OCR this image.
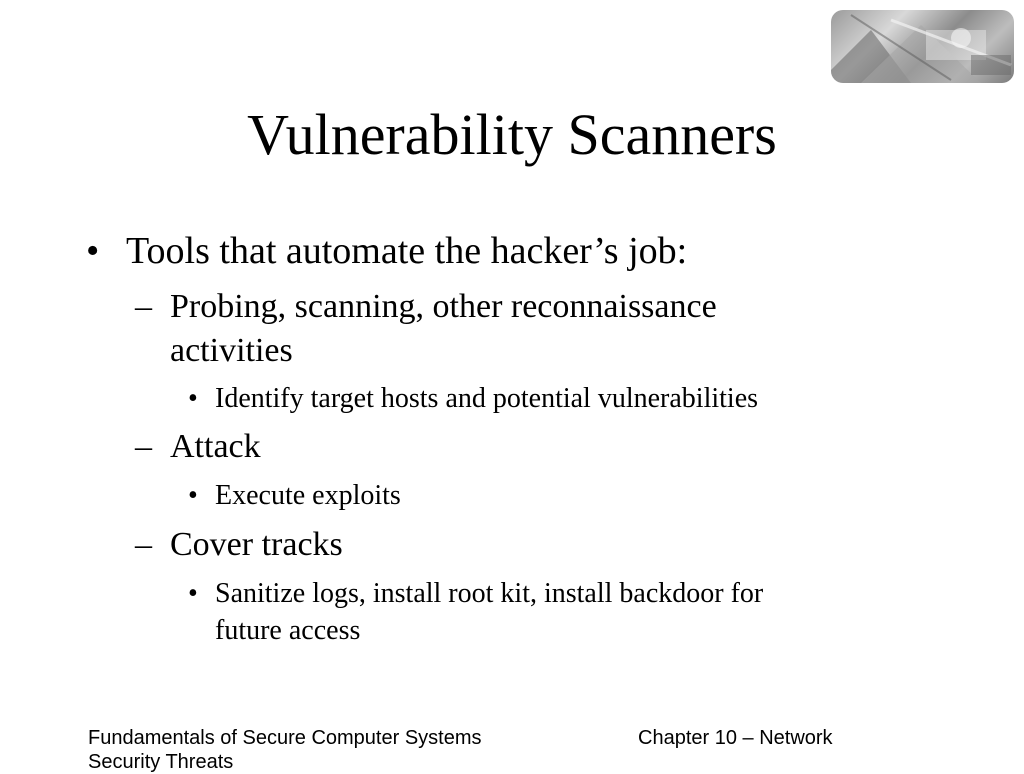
Vulnerability Scanners
• Tools that automate the hacker’s job:
– Probing, scanning, other reconnaissance
activities
• Identify target hosts and potential vulnerabilities
– Attack
• Execute exploits
– Cover tracks
• Sanitize logs, install root kit, install backdoor for
future access
Fundamentals of Secure Computer Systems	Chapter 10 – Network
Security Threats
